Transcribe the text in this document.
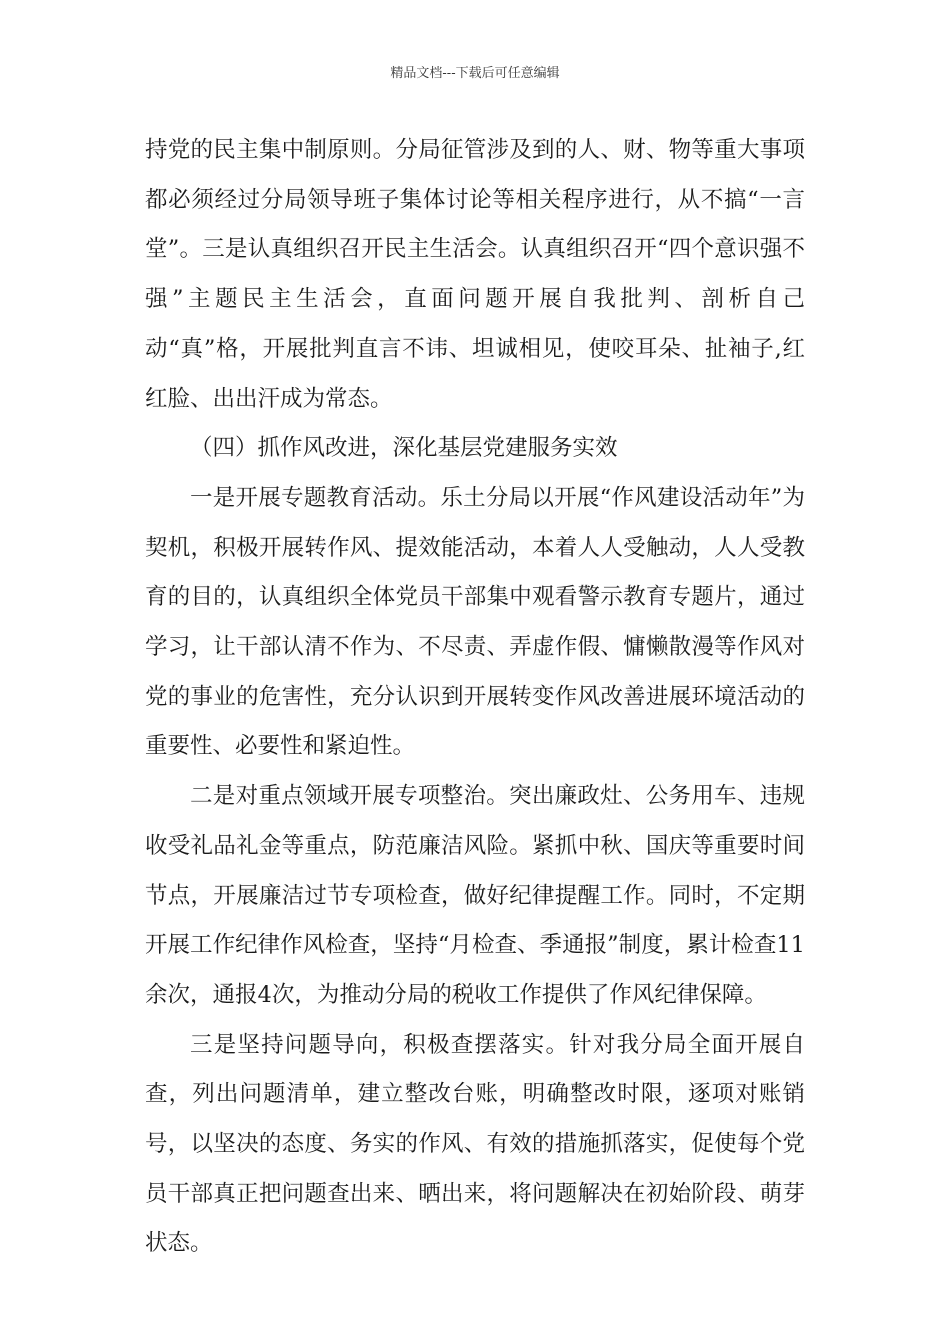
精品文档---下载后可任意编辑

持党的民主集中制原则。分局征管涉及到的人、财、物等重大事项都必须经过分局领导班子集体讨论等相关程序进行，从不搞“一言堂”。三是认真组织召开民主生活会。认真组织召开“四个意识强不强”主题民主生活会，直面问题开展自我批判、剖析自己动“真”格，开展批判直言不讳、坦诚相见，使咬耳朵、扯袖子,红红脸、出出汗成为常态。

（四）抓作风改进，深化基层党建服务实效

一是开展专题教育活动。乐土分局以开展“作风建设活动年”为契机，积极开展转作风、提效能活动，本着人人受触动，人人受教育的目的，认真组织全体党员干部集中观看警示教育专题片，通过学习，让干部认清不作为、不尽责、弄虚作假、慵懒散漫等作风对党的事业的危害性，充分认识到开展转变作风改善进展环境活动的重要性、必要性和紧迫性。

二是对重点领域开展专项整治。突出廉政灶、公务用车、违规收受礼品礼金等重点，防范廉洁风险。紧抓中秋、国庆等重要时间节点，开展廉洁过节专项检查，做好纪律提醒工作。同时，不定期开展工作纪律作风检查，坚持“月检查、季通报”制度，累计检查11余次，通报4次，为推动分局的税收工作提供了作风纪律保障。

三是坚持问题导向，积极查摆落实。针对我分局全面开展自查，列出问题清单，建立整改台账，明确整改时限，逐项对账销号，以坚决的态度、务实的作风、有效的措施抓落实，促使每个党员干部真正把问题查出来、晒出来，将问题解决在初始阶段、萌芽状态。
